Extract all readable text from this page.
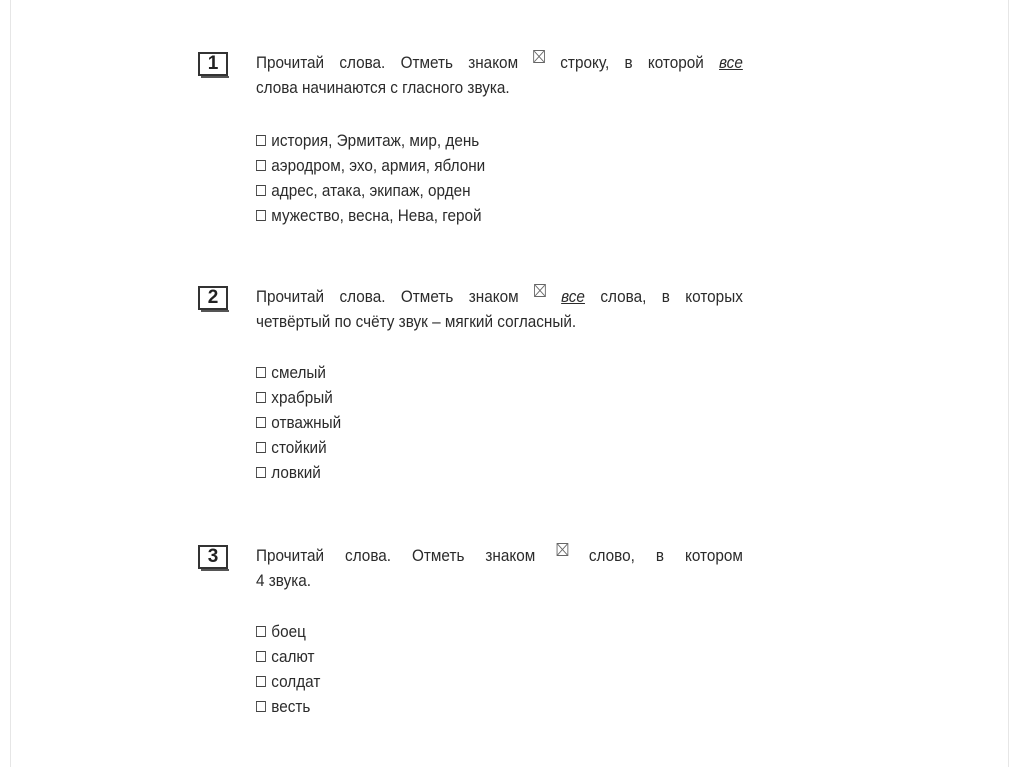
1	Прочитай слова. Отметь знаком ☒ строку, в которой все
слова начинаются с гласного звука.
история, Эрмитаж, мир, день
аэродром, эхо, армия, яблони
адрес, атака, экипаж, орден
мужество, весна, Нева, герой
2	Прочитай слова. Отметь знаком ☒ все слова, в которых
четвёртый по счёту звук – мягкий согласный.
смелый
храбрый
отважный
стойкий
ловкий
3	Прочитай слова. Отметь знаком ☒ слово, в котором
4 звука.
боец
салют
солдат
весть
